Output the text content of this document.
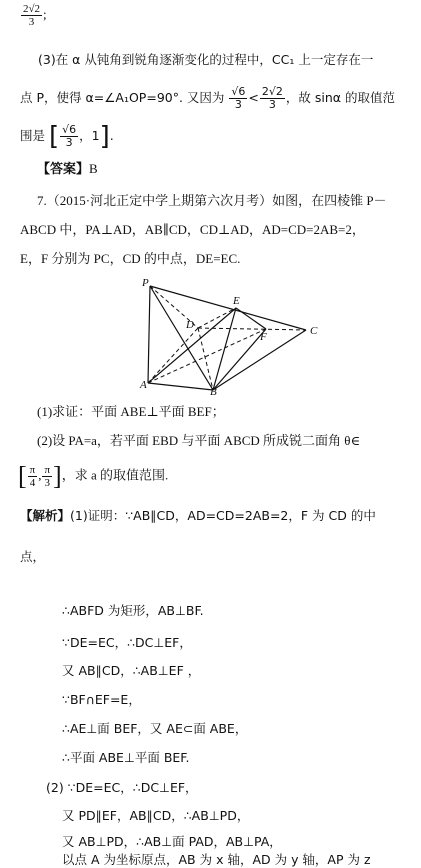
$\frac{2√2}{3}$ ;
(3)在 α 从钝角到锐角逐渐变化的过程中，CC₁ 上一定存在一
点 P，使得 α=∠A₁OP=90°. 又因为 $\frac{√6}{3} < \frac{2√2}{3}$ ，故 sinα 的取值范
围是 [ $\frac{√6}{3}$ ，1].
【答案】B
7.（2015·河北正定中学上期第六次月考）如图，在四棱锥 P－
ABCD 中，PA⊥AD，AB∥CD，CD⊥AD，AD=CD=2AB=2，
E，F 分别为 PC，CD 的中点，DE=EC.
P
E
D
F	C
A
B
(1)求证：平面 ABE⊥平面 BEF；
(2)设 PA=a，若平面 EBD 与平面 ABCD 所成锐二面角 θ∈
[ $\frac{\pi}{4}$ , $\frac{\pi}{3}$ ]，求 a 的取值范围.
【解析】(1)证明：∵AB∥CD，AD=CD=2AB=2，F 为 CD 的中
点，
∴ABFD 为矩形，AB⊥BF.
∵DE=EC，∴DC⊥EF，
又 AB∥CD，∴AB⊥EF ，
∵BF∩EF=E，
∴AE⊥面 BEF，又 AE⊂面 ABE，
∴平面 ABE⊥平面 BEF.
(2) ∵DE=EC，∴DC⊥EF，
又 PD∥EF，AB∥CD，∴AB⊥PD，
又 AB⊥PD，∴AB⊥面 PAD，AB⊥PA，
以点 A 为坐标原点，AB 为 x 轴，AD 为 y 轴，AP 为 z
